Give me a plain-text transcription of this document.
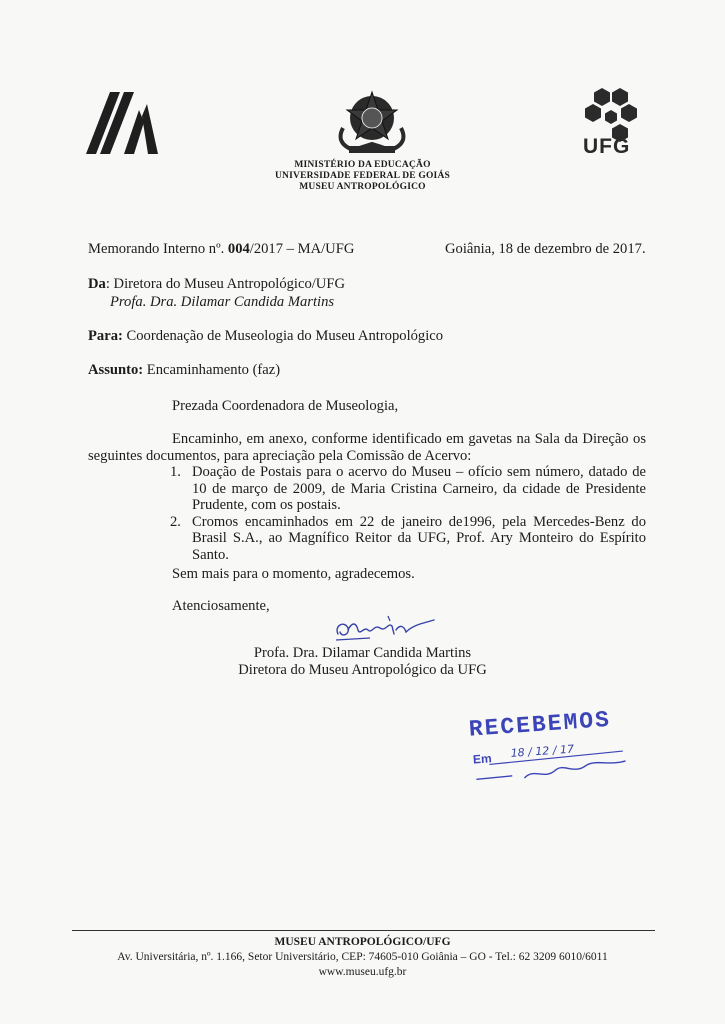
UFG
MINISTÉRIO DA EDUCAÇÃO
UNIVERSIDADE FEDERAL DE GOIÁS
MUSEU ANTROPOLÓGICO
Memorando Interno nº. 004/2017 – MA/UFG	Goiânia, 18 de dezembro de 2017.
Da: Diretora do Museu Antropológico/UFG
Profa. Dra. Dilamar Candida Martins
Para: Coordenação de Museologia do Museu Antropológico
Assunto: Encaminhamento (faz)
Prezada Coordenadora de Museologia,
Encaminho, em anexo, conforme identificado em gavetas na Sala da Direção os seguintes documentos, para apreciação pela Comissão de Acervo:
1. Doação de Postais para o acervo do Museu – ofício sem número, datado de 10 de março de 2009, de Maria Cristina Carneiro, da cidade de Presidente Prudente, com os postais.
2. Cromos encaminhados em 22 de janeiro de1996, pela Mercedes-Benz do Brasil S.A., ao Magnífico Reitor da UFG, Prof. Ary Monteiro do Espírito Santo.
Sem mais para o momento, agradecemos.
Atenciosamente,
Profa. Dra. Dilamar Candida Martins
Diretora do Museu Antropológico da UFG
RECEBEMOS
Em 18 / 12 / 17
MUSEU ANTROPOLÓGICO/UFG
Av. Universitária, nº. 1.166, Setor Universitário, CEP: 74605-010 Goiânia – GO - Tel.: 62 3209 6010/6011
www.museu.ufg.br
